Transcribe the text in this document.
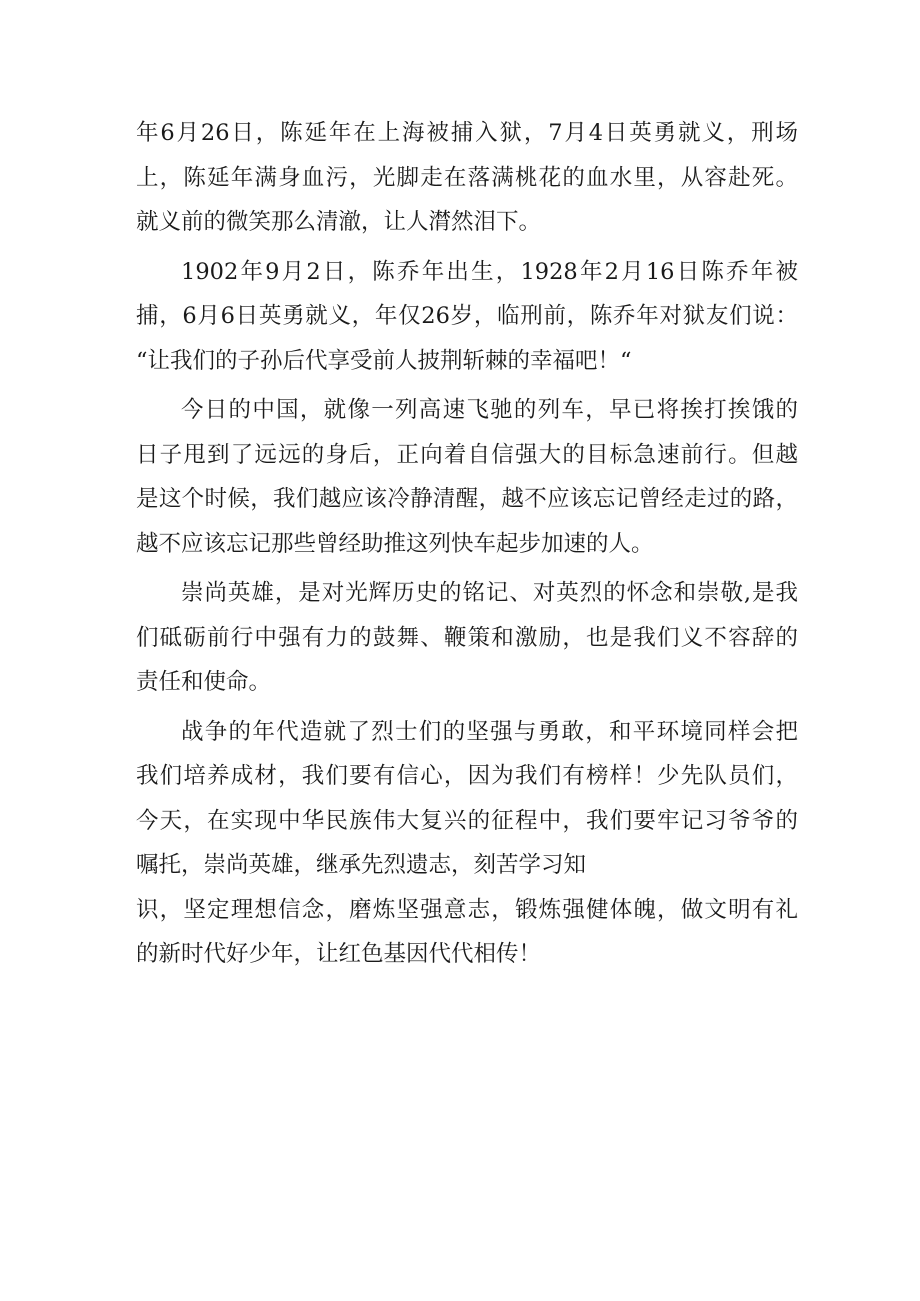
年6月26日，陈延年在上海被捕入狱，7月4日英勇就义，刑场
上，陈延年满身血污，光脚走在落满桃花的血水里，从容赴死。
就义前的微笑那么清澈，让人潸然泪下。

1902年9月2日，陈乔年出生，1928年2月16日陈乔年被
捕，6月6日英勇就义，年仅26岁，临刑前，陈乔年对狱友们说：
“让我们的子孙后代享受前人披荆斩棘的幸福吧！“

今日的中国，就像一列高速飞驰的列车，早已将挨打挨饿的
日子甩到了远远的身后，正向着自信强大的目标急速前行。但越
是这个时候，我们越应该冷静清醒，越不应该忘记曾经走过的路，
越不应该忘记那些曾经助推这列快车起步加速的人。

崇尚英雄，是对光辉历史的铭记、对英烈的怀念和崇敬,是我
们砥砺前行中强有力的鼓舞、鞭策和激励，也是我们义不容辞的
责任和使命。

战争的年代造就了烈士们的坚强与勇敢，和平环境同样会把
我们培养成材，我们要有信心，因为我们有榜样！少先队员们，
今天，在实现中华民族伟大复兴的征程中，我们要牢记习爷爷的
嘱托，崇尚英雄，继承先烈遗志，刻苦学习知

识，坚定理想信念，磨炼坚强意志，锻炼强健体魄，做文明有礼
的新时代好少年，让红色基因代代相传！
